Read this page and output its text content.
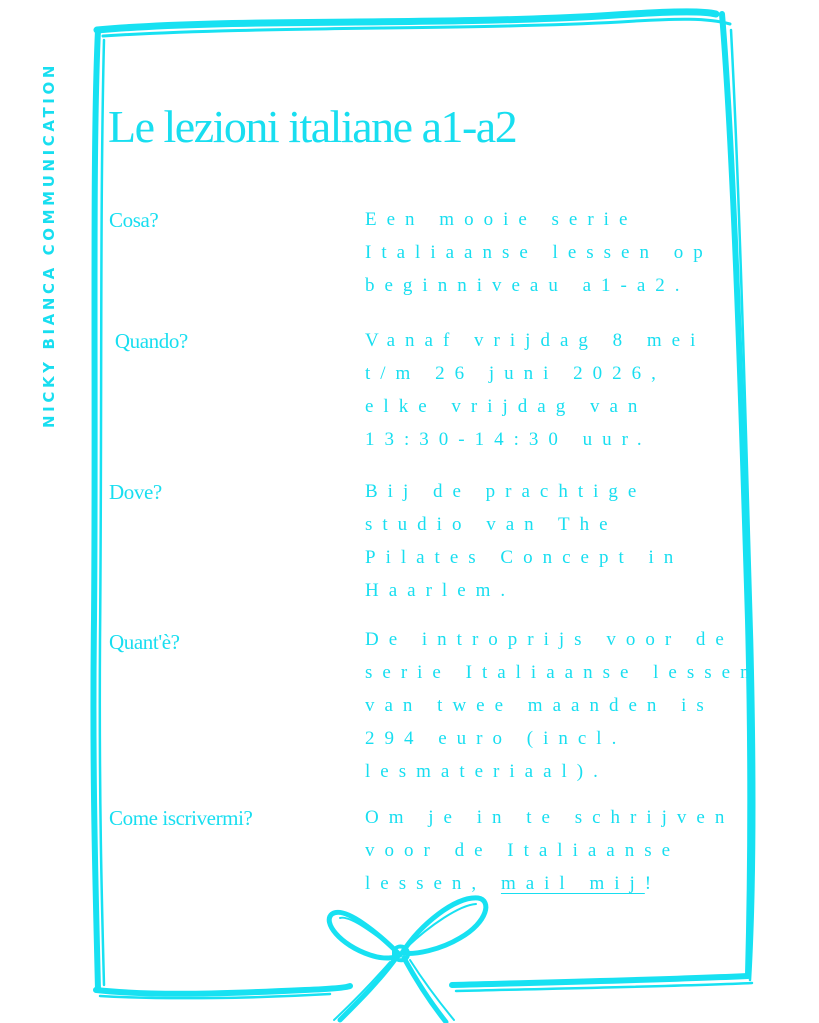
NICKY BIANCA COMMUNICATION Le lezioni italiane a1-a2
Cosa?	Een mooie serie
Italiaanse lessen op
beginniveau a1-a2.
Quando?	Vanaf vrijdag 8 mei
t/m 26 juni 2026,
elke vrijdag van
13:30-14:30 uur.
Dove?	Bij de prachtige
studio van The
Pilates Concept in
Haarlem.
Quant'è?	De introprijs voor de
serie Italiaanse lessen
van twee maanden is
294 euro (incl.
lesmateriaal).
Come iscrivermi?	Om je in te schrijven
voor de Italiaanse
lessen, mail mij!
